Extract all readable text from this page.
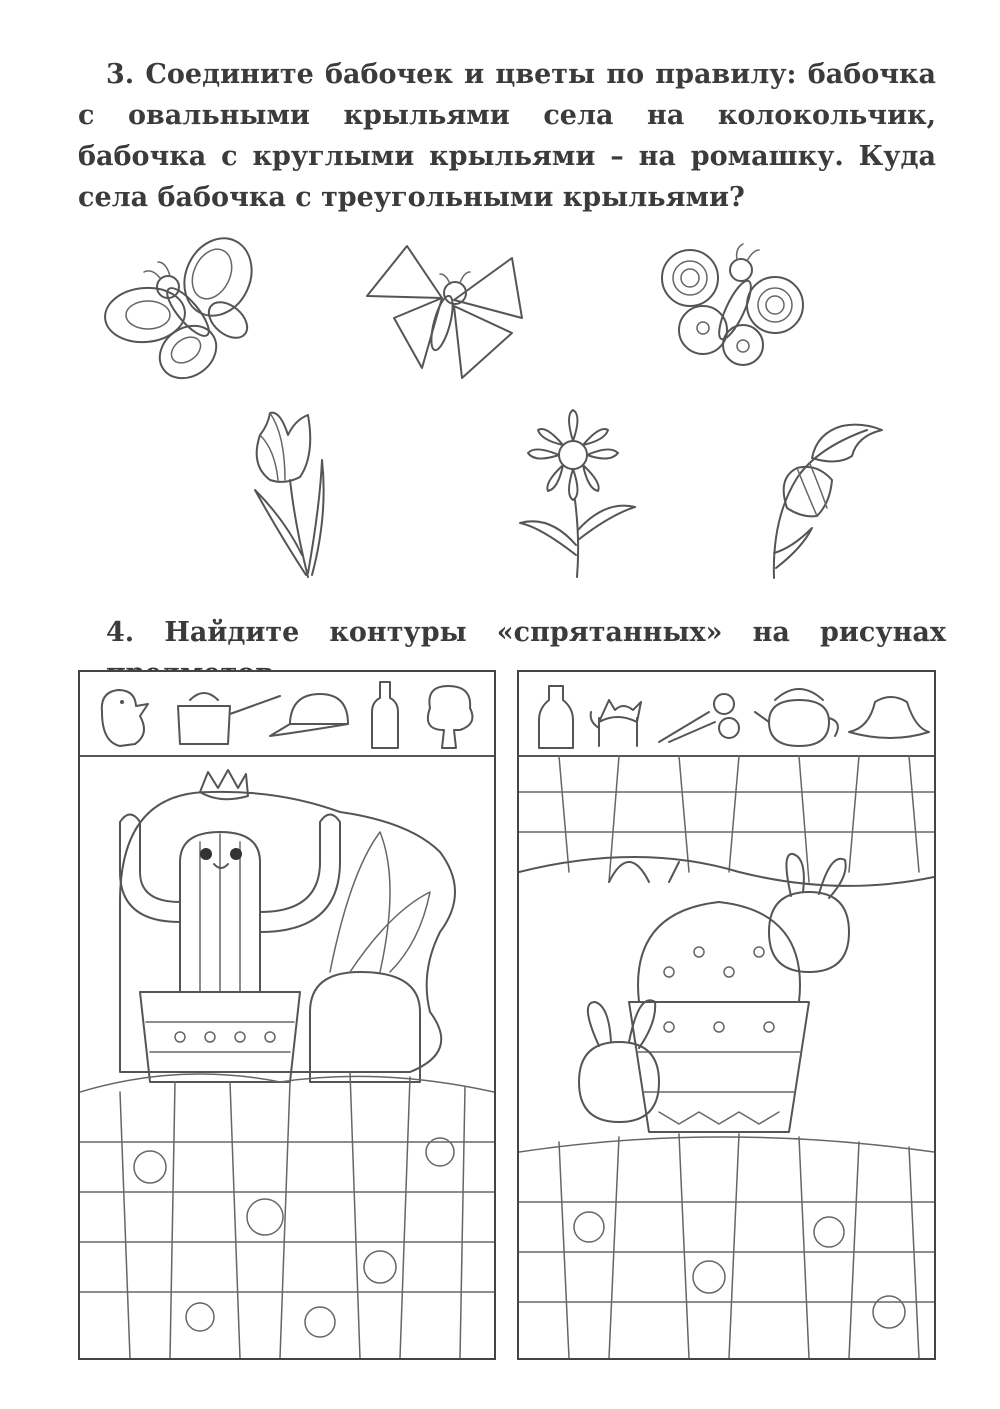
3. Соедините бабочек и цветы по правилу: бабочка с овальными крыльями села на колокольчик, бабочка с круглыми крыльями – на ромашку. Куда села бабочка с треугольными крыльями?
4. Найдите контуры «спрятанных» на рисунах
